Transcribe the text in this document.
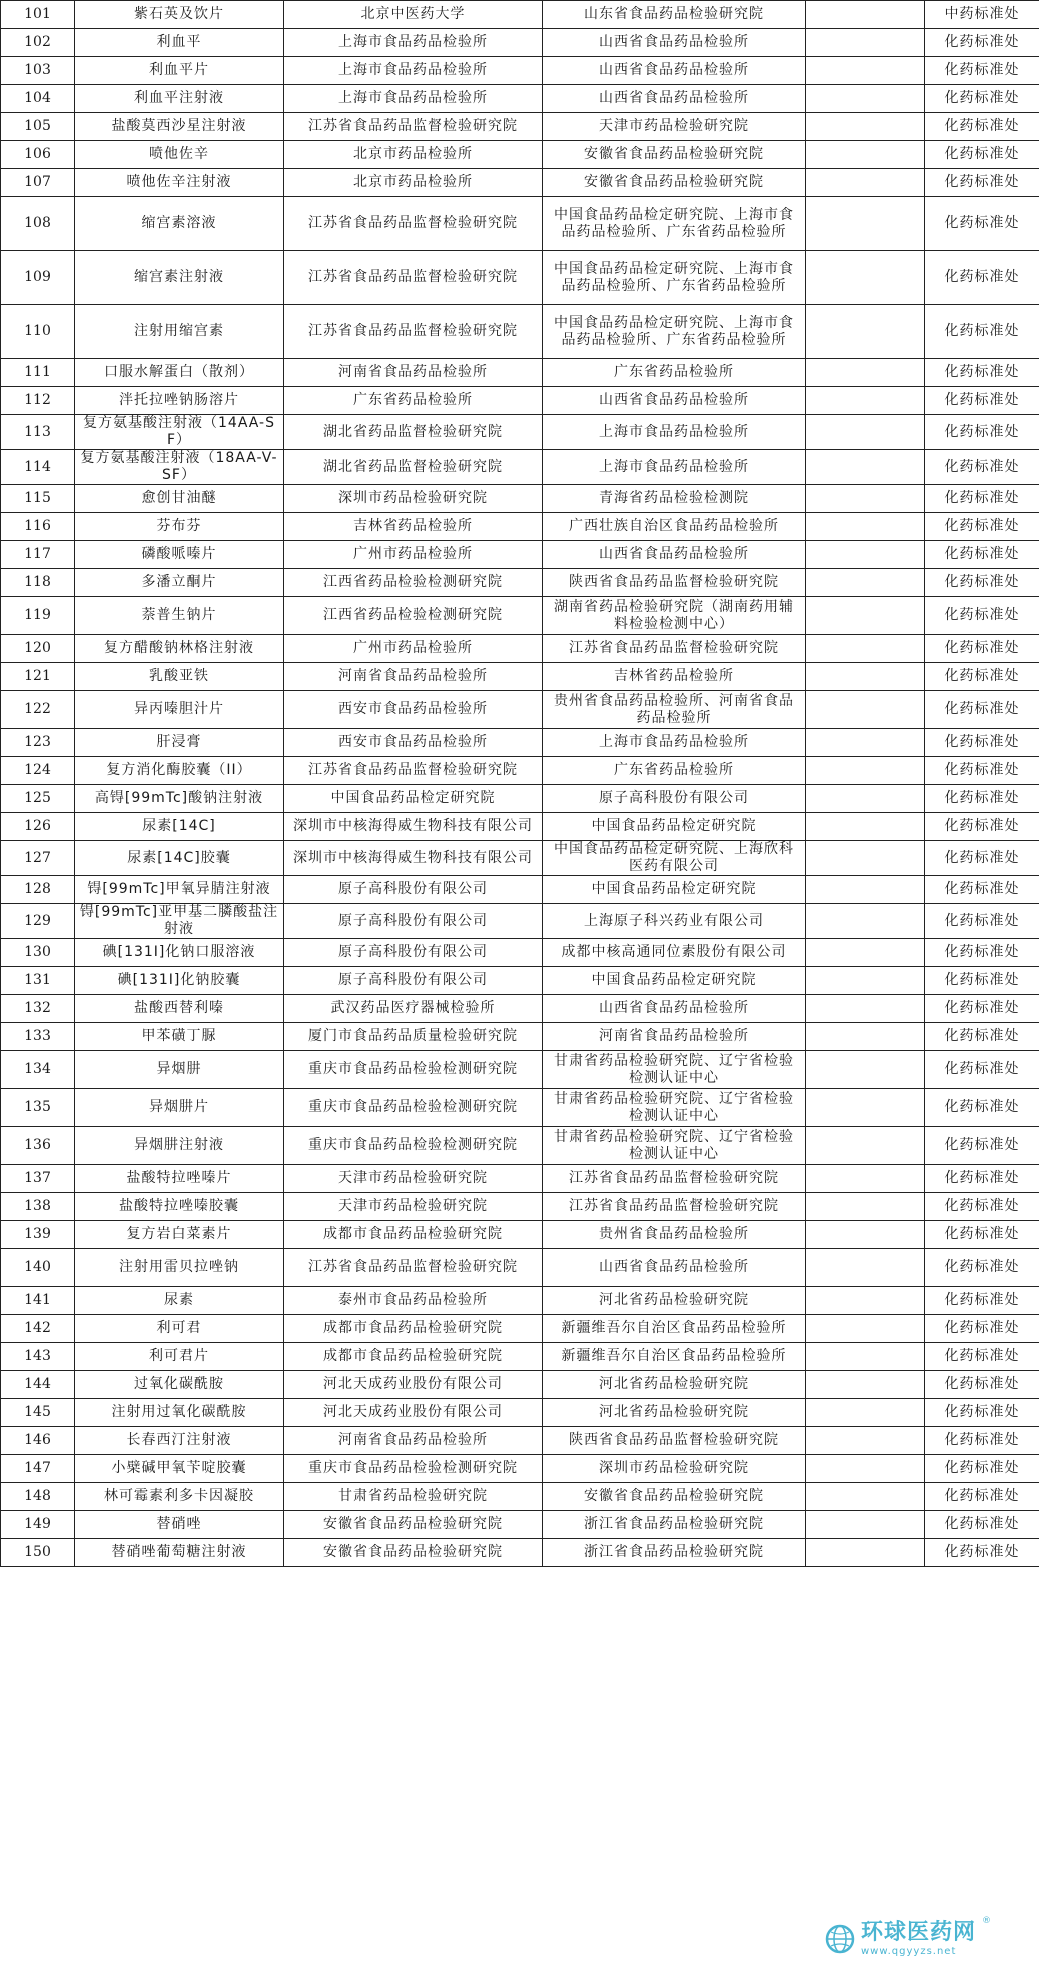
101	紫石英及饮片	北京中医药大学	山东省食品药品检验研究院		中药标准处
102	利血平	上海市食品药品检验所	山西省食品药品检验所		化药标准处
103	利血平片	上海市食品药品检验所	山西省食品药品检验所		化药标准处
104	利血平注射液	上海市食品药品检验所	山西省食品药品检验所		化药标准处
105	盐酸莫西沙星注射液	江苏省食品药品监督检验研究院	天津市药品检验研究院		化药标准处
106	喷他佐辛	北京市药品检验所	安徽省食品药品检验研究院		化药标准处
107	喷他佐辛注射液	北京市药品检验所	安徽省食品药品检验研究院		化药标准处
108	缩宫素溶液	江苏省食品药品监督检验研究院	中国食品药品检定研究院、上海市食品药品检验所、广东省药品检验所		化药标准处
109	缩宫素注射液	江苏省食品药品监督检验研究院	中国食品药品检定研究院、上海市食品药品检验所、广东省药品检验所		化药标准处
110	注射用缩宫素	江苏省食品药品监督检验研究院	中国食品药品检定研究院、上海市食品药品检验所、广东省药品检验所		化药标准处
111	口服水解蛋白（散剂）	河南省食品药品检验所	广东省药品检验所		化药标准处
112	泮托拉唑钠肠溶片	广东省药品检验所	山西省食品药品检验所		化药标准处
113	复方氨基酸注射液（14AA-SF）	湖北省药品监督检验研究院	上海市食品药品检验所		化药标准处
114	复方氨基酸注射液（18AA-V-SF）	湖北省药品监督检验研究院	上海市食品药品检验所		化药标准处
115	愈创甘油醚	深圳市药品检验研究院	青海省药品检验检测院		化药标准处
116	芬布芬	吉林省药品检验所	广西壮族自治区食品药品检验所		化药标准处
117	磷酸哌嗪片	广州市药品检验所	山西省食品药品检验所		化药标准处
118	多潘立酮片	江西省药品检验检测研究院	陕西省食品药品监督检验研究院		化药标准处
119	萘普生钠片	江西省药品检验检测研究院	湖南省药品检验研究院（湖南药用辅料检验检测中心）		化药标准处
120	复方醋酸钠林格注射液	广州市药品检验所	江苏省食品药品监督检验研究院		化药标准处
121	乳酸亚铁	河南省食品药品检验所	吉林省药品检验所		化药标准处
122	异丙嗪胆汁片	西安市食品药品检验所	贵州省食品药品检验所、河南省食品药品检验所		化药标准处
123	肝浸膏	西安市食品药品检验所	上海市食品药品检验所		化药标准处
124	复方消化酶胶囊（II）	江苏省食品药品监督检验研究院	广东省药品检验所		化药标准处
125	高锝[99mTc]酸钠注射液	中国食品药品检定研究院	原子高科股份有限公司		化药标准处
126	尿素[14C]	深圳市中核海得威生物科技有限公司	中国食品药品检定研究院		化药标准处
127	尿素[14C]胶囊	深圳市中核海得威生物科技有限公司	中国食品药品检定研究院、上海欣科医药有限公司		化药标准处
128	锝[99mTc]甲氧异腈注射液	原子高科股份有限公司	中国食品药品检定研究院		化药标准处
129	锝[99mTc]亚甲基二膦酸盐注射液	原子高科股份有限公司	上海原子科兴药业有限公司		化药标准处
130	碘[131I]化钠口服溶液	原子高科股份有限公司	成都中核高通同位素股份有限公司		化药标准处
131	碘[131I]化钠胶囊	原子高科股份有限公司	中国食品药品检定研究院		化药标准处
132	盐酸西替利嗪	武汉药品医疗器械检验所	山西省食品药品检验所		化药标准处
133	甲苯磺丁脲	厦门市食品药品质量检验研究院	河南省食品药品检验所		化药标准处
134	异烟肼	重庆市食品药品检验检测研究院	甘肃省药品检验研究院、辽宁省检验检测认证中心		化药标准处
135	异烟肼片	重庆市食品药品检验检测研究院	甘肃省药品检验研究院、辽宁省检验检测认证中心		化药标准处
136	异烟肼注射液	重庆市食品药品检验检测研究院	甘肃省药品检验研究院、辽宁省检验检测认证中心		化药标准处
137	盐酸特拉唑嗪片	天津市药品检验研究院	江苏省食品药品监督检验研究院		化药标准处
138	盐酸特拉唑嗪胶囊	天津市药品检验研究院	江苏省食品药品监督检验研究院		化药标准处
139	复方岩白菜素片	成都市食品药品检验研究院	贵州省食品药品检验所		化药标准处
140	注射用雷贝拉唑钠	江苏省食品药品监督检验研究院	山西省食品药品检验所		化药标准处
141	尿素	泰州市食品药品检验所	河北省药品检验研究院		化药标准处
142	利可君	成都市食品药品检验研究院	新疆维吾尔自治区食品药品检验所		化药标准处
143	利可君片	成都市食品药品检验研究院	新疆维吾尔自治区食品药品检验所		化药标准处
144	过氧化碳酰胺	河北天成药业股份有限公司	河北省药品检验研究院		化药标准处
145	注射用过氧化碳酰胺	河北天成药业股份有限公司	河北省药品检验研究院		化药标准处
146	长春西汀注射液	河南省食品药品检验所	陕西省食品药品监督检验研究院		化药标准处
147	小檗碱甲氧苄啶胶囊	重庆市食品药品检验检测研究院	深圳市药品检验研究院		化药标准处
148	林可霉素利多卡因凝胶	甘肃省药品检验研究院	安徽省食品药品检验研究院		化药标准处
149	替硝唑	安徽省食品药品检验研究院	浙江省食品药品检验研究院		化药标准处
150	替硝唑葡萄糖注射液	安徽省食品药品检验研究院	浙江省食品药品检验研究院		化药标准处
环球医药网
www.qgyyzs.net
®
